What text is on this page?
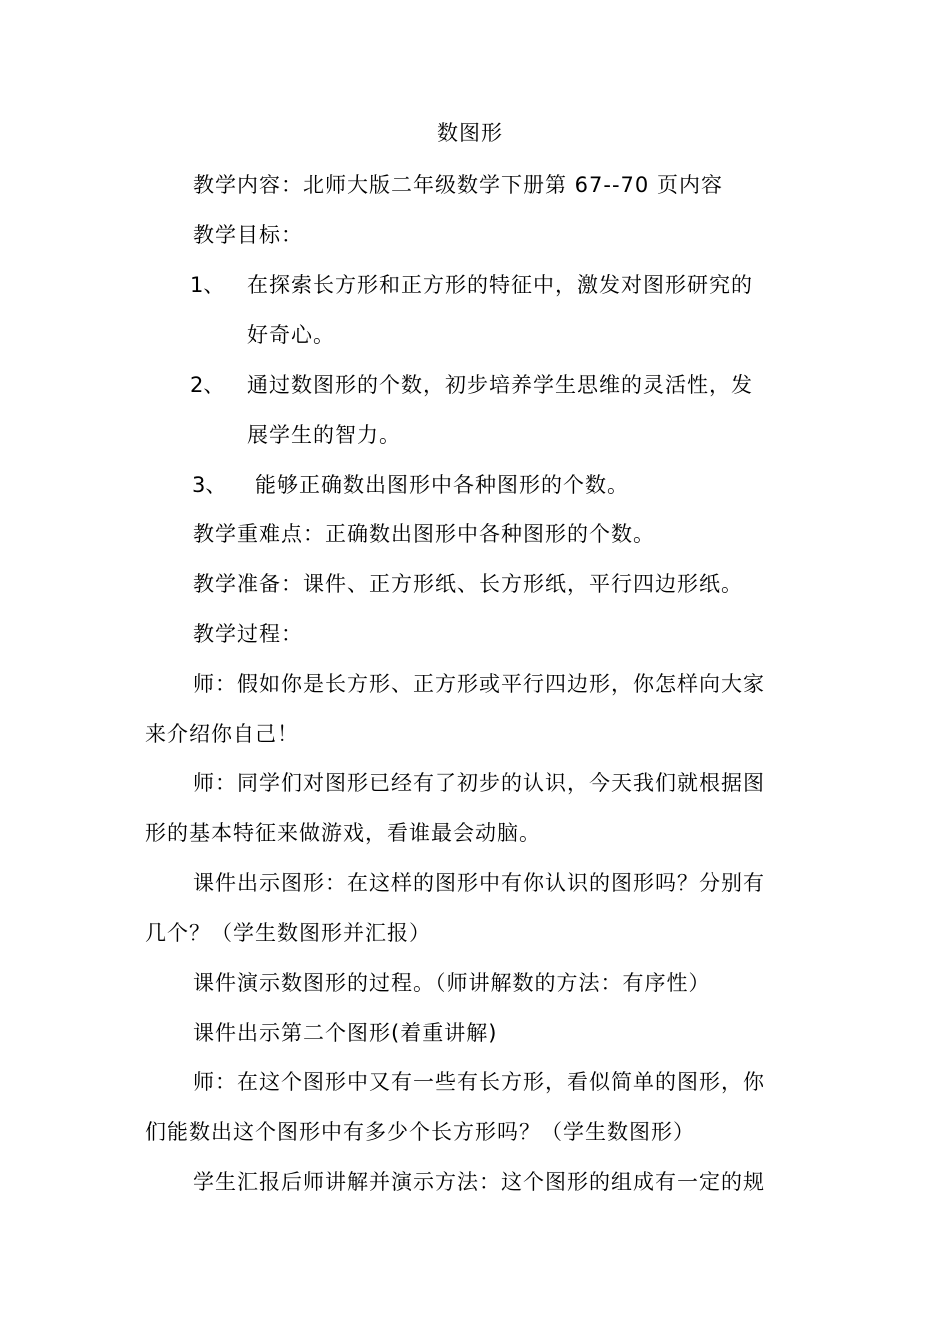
数图形
教学内容：北师大版二年级数学下册第 67--70 页内容
教学目标：
1、 在探索长方形和正方形的特征中，激发对图形研究的
好奇心。
2、 通过数图形的个数，初步培养学生思维的灵活性，发
展学生的智力。
3、 能够正确数出图形中各种图形的个数。
教学重难点：正确数出图形中各种图形的个数。
教学准备：课件、正方形纸、长方形纸，平行四边形纸。
教学过程：
师：假如你是长方形、正方形或平行四边形，你怎样向大家
来介绍你自己！
师：同学们对图形已经有了初步的认识，今天我们就根据图
形的基本特征来做游戏，看谁最会动脑。
课件出示图形：在这样的图形中有你认识的图形吗？分别有
几个？（学生数图形并汇报）
课件演示数图形的过程。（师讲解数的方法：有序性）
课件出示第二个图形(着重讲解)
师：在这个图形中又有一些有长方形，看似简单的图形，你
们能数出这个图形中有多少个长方形吗？（学生数图形）
学生汇报后师讲解并演示方法：这个图形的组成有一定的规
